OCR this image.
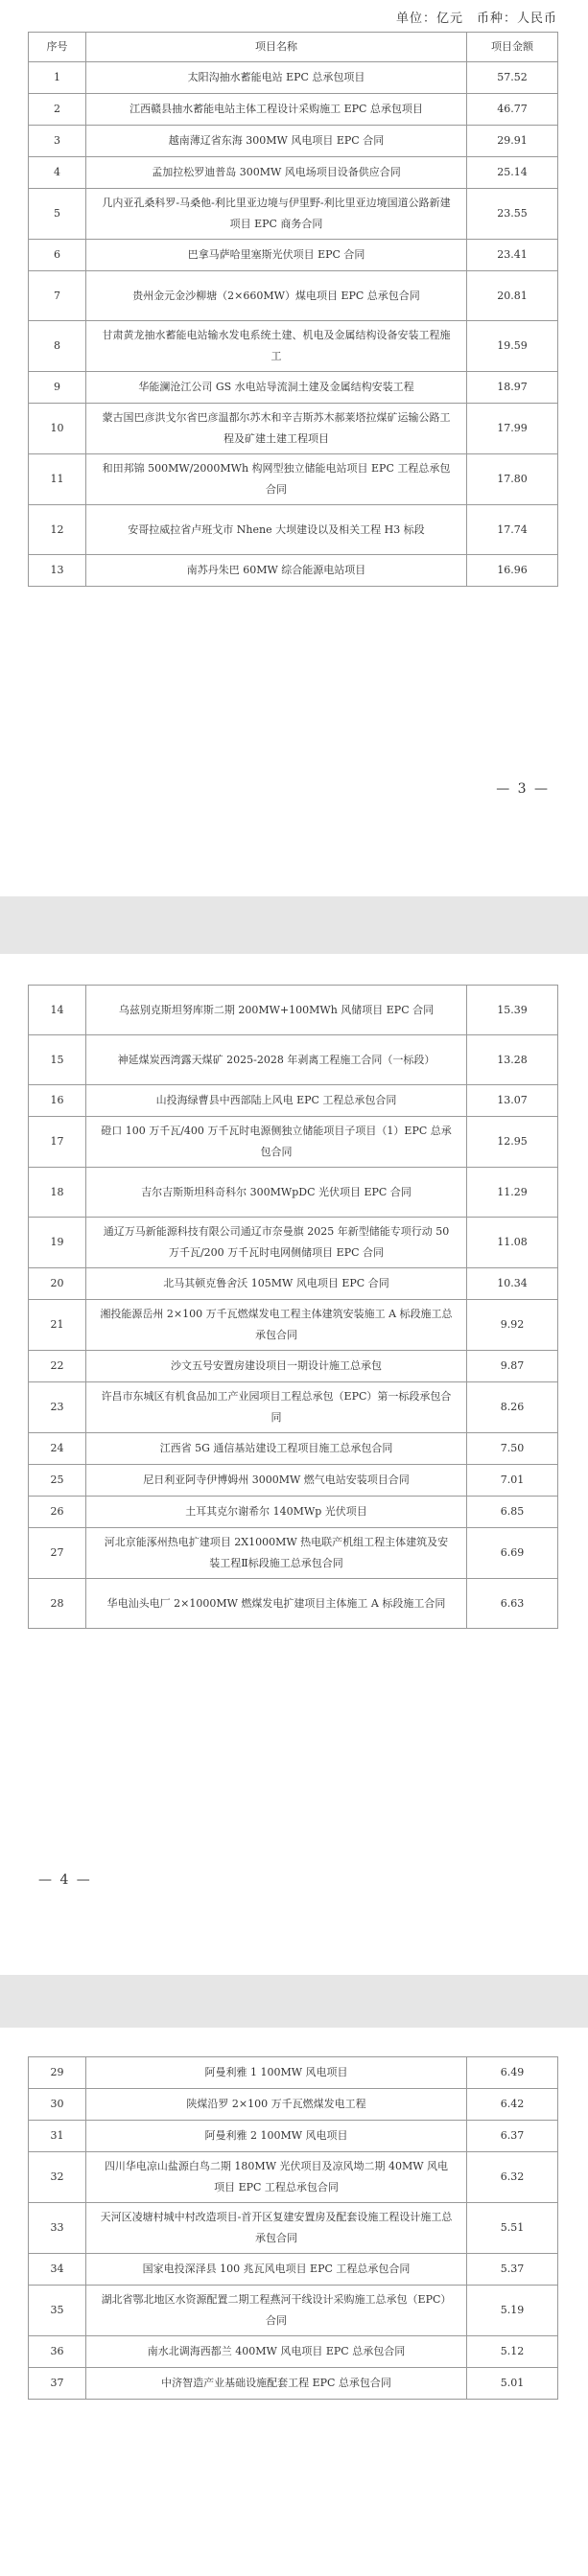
单位：亿元 币种：人民币
序号	项目名称	项目金额
1	太阳沟抽水蓄能电站 EPC 总承包项目	57.52
2	江西赣县抽水蓄能电站主体工程设计采购施工 EPC 总承包项目	46.77
3	越南薄辽省东海 300MW 风电项目 EPC 合同	29.91
4	孟加拉松罗迪普岛 300MW 风电场项目设备供应合同	25.14
5	几内亚孔桑科罗-马桑他-利比里亚边境与伊里野-利比里亚边境国道公路新建项目 EPC 商务合同	23.55
6	巴拿马萨哈里塞斯光伏项目 EPC 合同	23.41
7	贵州金元金沙柳塘（2×660MW）煤电项目 EPC 总承包合同	20.81
8	甘肃黄龙抽水蓄能电站输水发电系统土建、机电及金属结构设备安装工程施工	19.59
9	华能澜沧江公司 GS 水电站导流洞土建及金属结构安装工程	18.97
10	蒙古国巴彦洪戈尔省巴彦温都尔苏木和辛吉斯苏木郝莱塔拉煤矿运输公路工程及矿建土建工程项目	17.99
11	和田邦锦 500MW/2000MWh 构网型独立储能电站项目 EPC 工程总承包合同	17.80
12	安哥拉威拉省卢班戈市 Nhene 大坝建设以及相关工程 H3 标段	17.74
13	南苏丹朱巴 60MW 综合能源电站项目	16.96
— 3 —
14	乌兹别克斯坦努库斯二期 200MW+100MWh 风储项目 EPC 合同	15.39
15	神延煤炭西湾露天煤矿 2025-2028 年剥离工程施工合同（一标段）	13.28
16	山投海绿曹县中西部陆上风电 EPC 工程总承包合同	13.07
17	磴口 100 万千瓦/400 万千瓦时电源侧独立储能项目子项目（1）EPC 总承包合同	12.95
18	吉尔吉斯斯坦科奇科尔 300MWpDC 光伏项目 EPC 合同	11.29
19	通辽万马新能源科技有限公司通辽市奈曼旗 2025 年新型储能专项行动 50 万千瓦/200 万千瓦时电网侧储项目 EPC 合同	11.08
20	北马其顿克鲁舍沃 105MW 风电项目 EPC 合同	10.34
21	湘投能源岳州 2×100 万千瓦燃煤发电工程主体建筑安装施工 A 标段施工总承包合同	9.92
22	沙文五号安置房建设项目一期设计施工总承包	9.87
23	许昌市东城区有机食品加工产业园项目工程总承包（EPC）第一标段承包合同	8.26
24	江西省 5G 通信基站建设工程项目施工总承包合同	7.50
25	尼日利亚阿寺伊博姆州 3000MW 燃气电站安装项目合同	7.01
26	土耳其克尔谢希尔 140MWp 光伏项目	6.85
27	河北京能涿州热电扩建项目 2X1000MW 热电联产机组工程主体建筑及安装工程Ⅱ标段施工总承包合同	6.69
28	华电汕头电厂 2×1000MW 燃煤发电扩建项目主体施工 A 标段施工合同	6.63
— 4 —
29	阿曼利雅 1 100MW 风电项目	6.49
30	陕煤沿罗 2×100 万千瓦燃煤发电工程	6.42
31	阿曼利雅 2 100MW 风电项目	6.37
32	四川华电凉山盐源白鸟二期 180MW 光伏项目及凉风坳二期 40MW 风电项目 EPC 工程总承包合同	6.32
33	天河区凌塘村城中村改造项目-首开区复建安置房及配套设施工程设计施工总承包合同	5.51
34	国家电投深泽县 100 兆瓦风电项目 EPC 工程总承包合同	5.37
35	湖北省鄂北地区水资源配置二期工程燕河干线设计采购施工总承包（EPC）合同	5.19
36	南水北调海西都兰 400MW 风电项目 EPC 总承包合同	5.12
37	中济智造产业基础设施配套工程 EPC 总承包合同	5.01
